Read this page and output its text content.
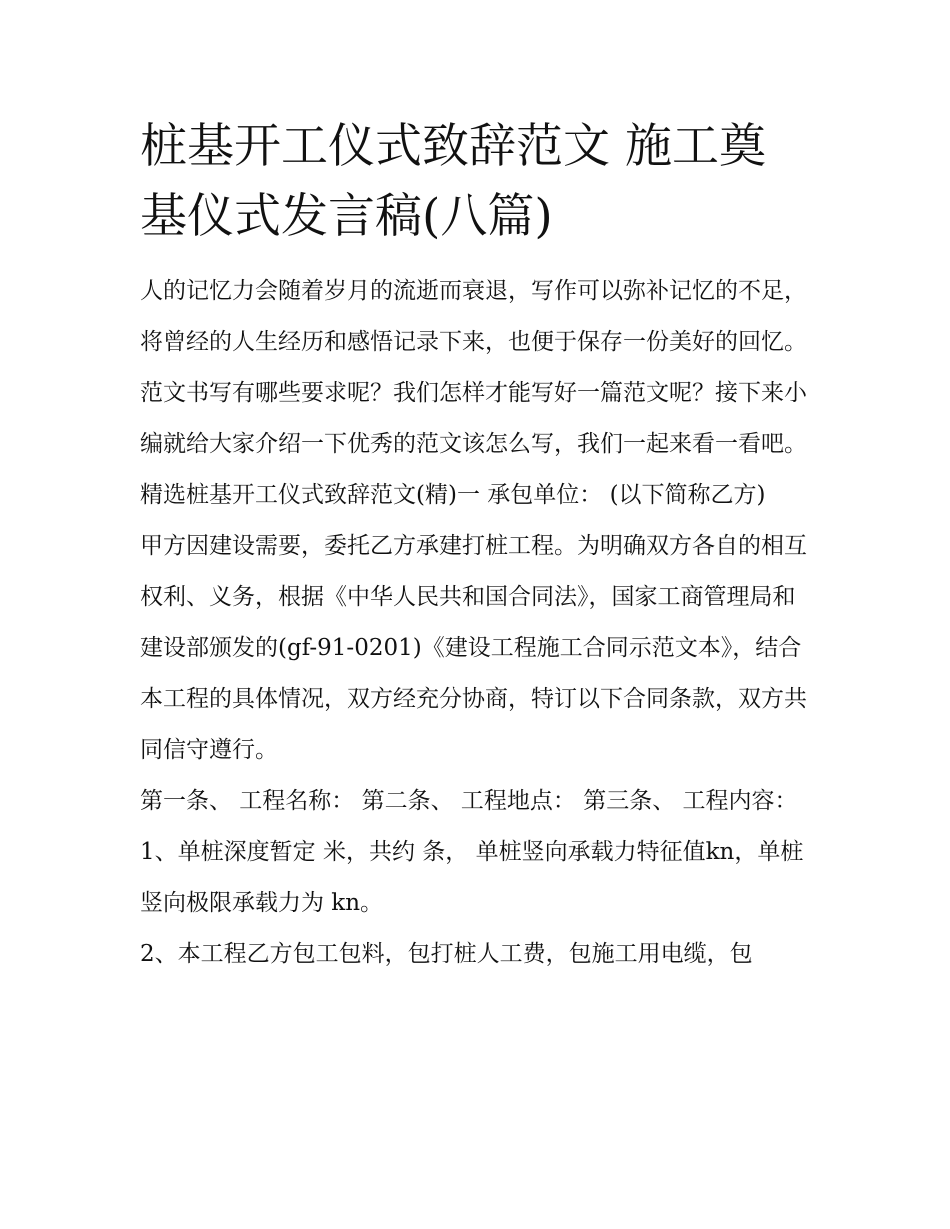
桩基开工仪式致辞范文 施工奠基仪式发言稿(八篇)

人的记忆力会随着岁月的流逝而衰退，写作可以弥补记忆的不足，将曾经的人生经历和感悟记录下来，也便于保存一份美好的回忆。范文书写有哪些要求呢？我们怎样才能写好一篇范文呢？接下来小编就给大家介绍一下优秀的范文该怎么写，我们一起来看一看吧。

精选桩基开工仪式致辞范文(精)一 承包单位： (以下简称乙方)

甲方因建设需要，委托乙方承建打桩工程。为明确双方各自的相互权利、义务，根据《中华人民共和国合同法》，国家工商管理局和建设部颁发的(gf-91-0201)《建设工程施工合同示范文本》，结合本工程的具体情况，双方经充分协商，特订以下合同条款，双方共同信守遵行。

第一条、 工程名称： 第二条、 工程地点： 第三条、 工程内容： 1、单桩深度暂定 米，共约 条， 单桩竖向承载力特征值kn，单桩竖向极限承载力为 kn。

2、本工程乙方包工包料，包打桩人工费，包施工用电缆，包
